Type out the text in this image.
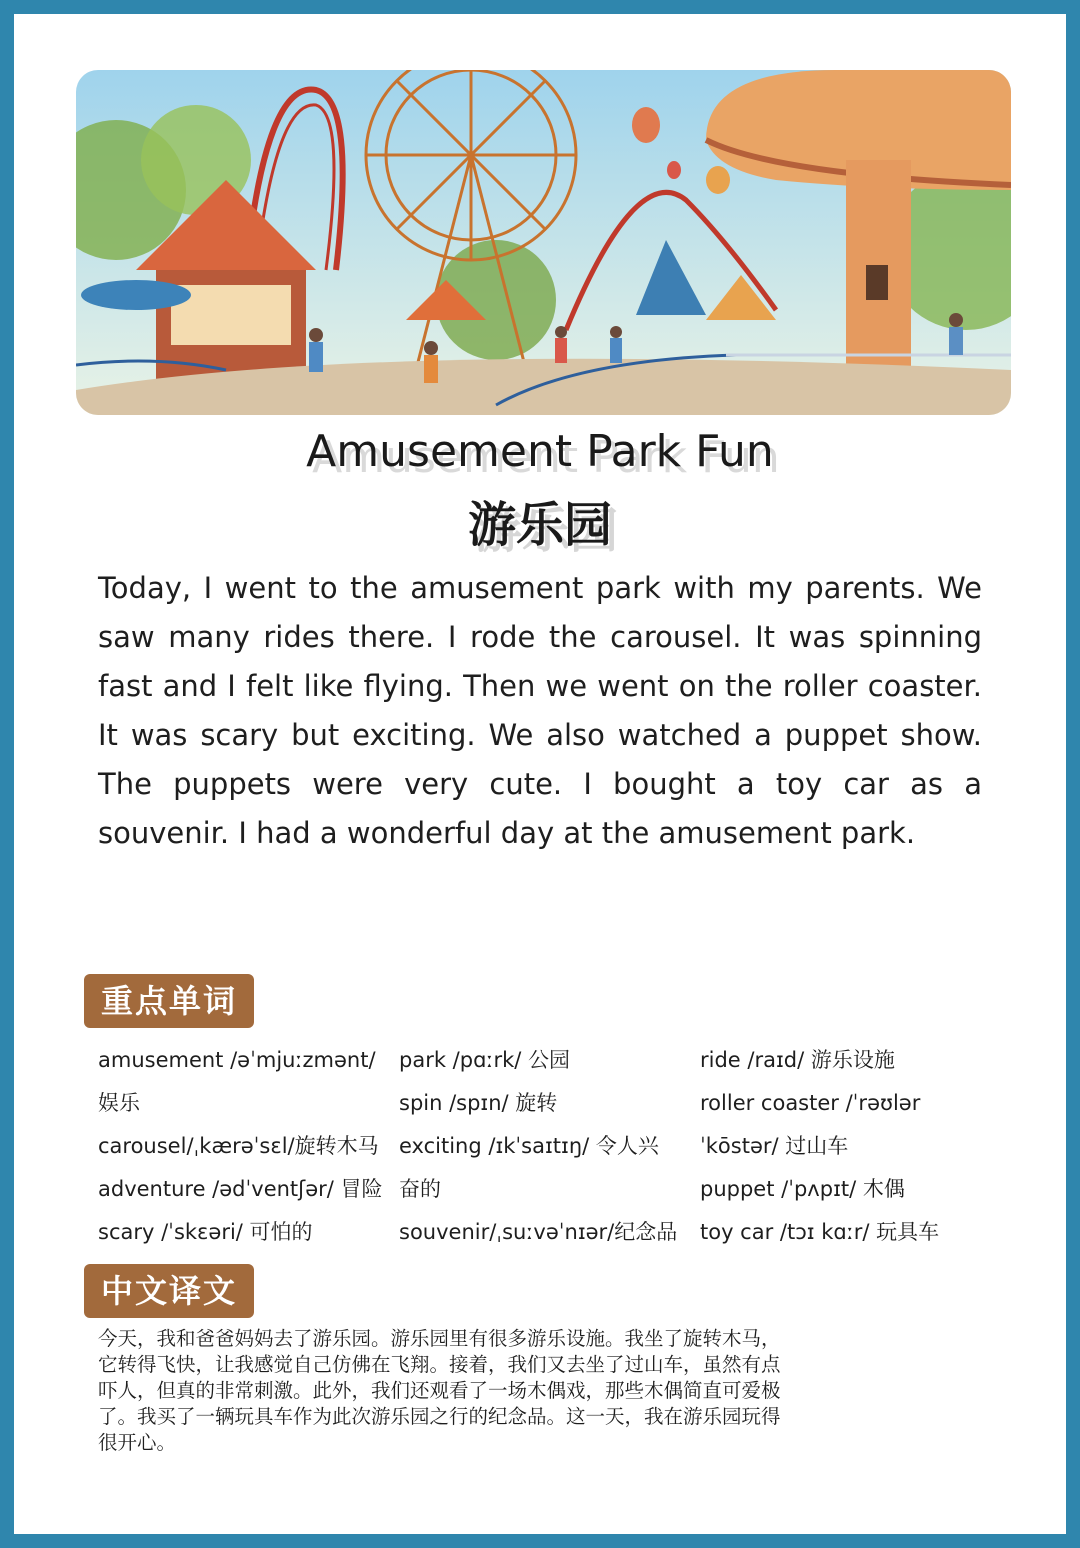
Amusement Park Fun
游乐园

Today, I went to the amusement park with my parents. We saw many rides there. I rode the carousel. It was spinning fast and I felt like flying. Then we went on the roller coaster. It was scary but exciting. We also watched a puppet show. The puppets were very cute. I bought a toy car as a souvenir. I had a wonderful day at the amusement park.

重点单词
amusement /əˈmjuːzmənt/
娱乐
carousel/ˌkærəˈsɛl/旋转木马
adventure /ədˈventʃər/ 冒险
scary /ˈskɛəri/ 可怕的
park /pɑːrk/ 公园
spin /spɪn/ 旋转
exciting /ɪkˈsaɪtɪŋ/ 令人兴
奋的
souvenir/ˌsuːvəˈnɪər/纪念品
ride /raɪd/ 游乐设施
roller coaster /ˈrəʊlər
ˈkōstər/ 过山车
puppet /ˈpʌpɪt/ 木偶
toy car /tɔɪ kɑːr/ 玩具车
中文译文
今天，我和爸爸妈妈去了游乐园。游乐园里有很多游乐设施。我坐了旋转木马，
它转得飞快，让我感觉自己仿佛在飞翔。接着，我们又去坐了过山车，虽然有点
吓人，但真的非常刺激。此外，我们还观看了一场木偶戏，那些木偶简直可爱极
了。我买了一辆玩具车作为此次游乐园之行的纪念品。这一天，我在游乐园玩得
很开心。
